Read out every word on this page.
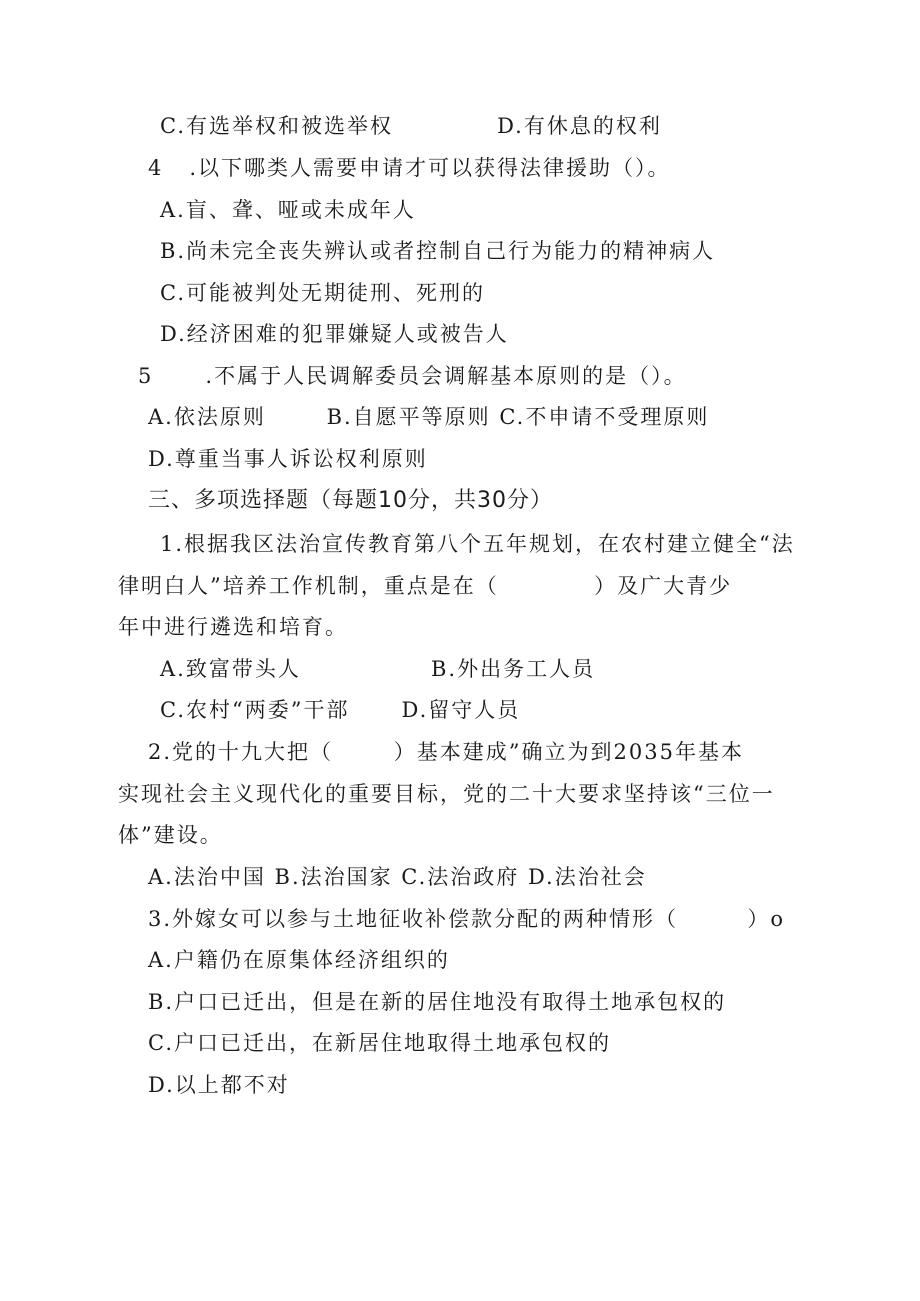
C.有选举权和被选举权            D.有休息的权利
4   .以下哪类人需要申请才可以获得法律援助（）。
A.盲、聋、哑或未成年人
B.尚未完全丧失辨认或者控制自己行为能力的精神病人
C.可能被判处无期徒刑、死刑的
D.经济困难的犯罪嫌疑人或被告人
5      .不属于人民调解委员会调解基本原则的是（）。
A.依法原则       B.自愿平等原则 C.不申请不受理原则
D.尊重当事人诉讼权利原则
三、多项选择题（每题10分，共30分）
1.根据我区法治宣传教育第八个五年规划，在农村建立健全“法
律明白人”培养工作机制，重点是在（           ）及广大青少
年中进行遴选和培育。
A.致富带头人               B.外出务工人员
C.农村“两委”干部      D.留守人员
2.党的十九大把（       ）基本建成”确立为到2035年基本
实现社会主义现代化的重要目标，党的二十大要求坚持该“三位一
体”建设。
A.法治中国 B.法治国家 C.法治政府 D.法治社会
3.外嫁女可以参与土地征收补偿款分配的两种情形（        ）o
A.户籍仍在原集体经济组织的
B.户口已迁出，但是在新的居住地没有取得土地承包权的
C.户口已迁出，在新居住地取得土地承包权的
D.以上都不对
